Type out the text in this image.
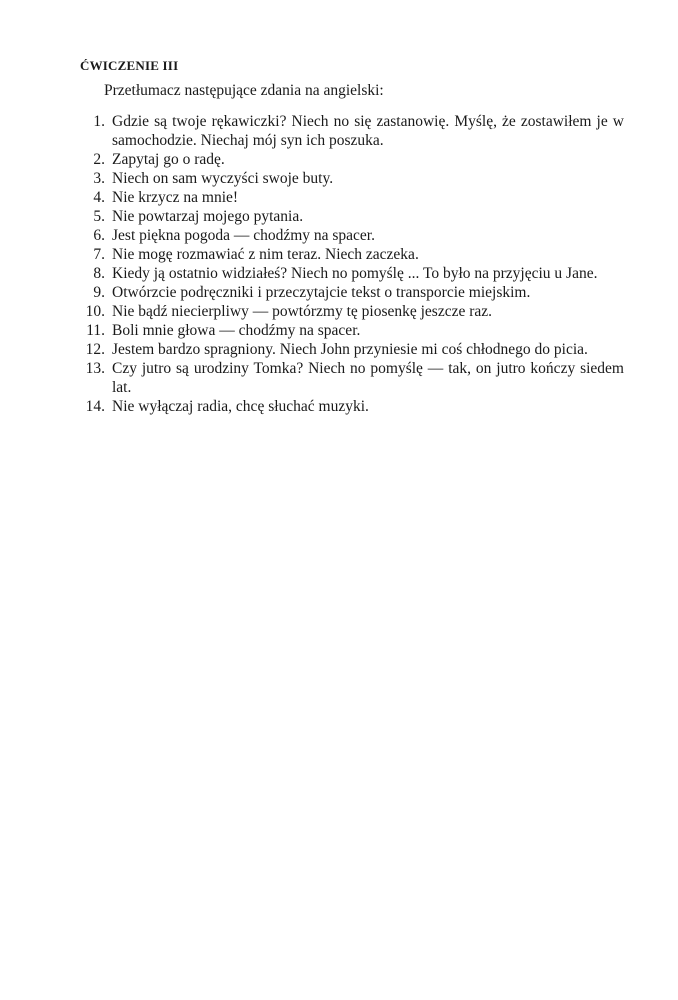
ĆWICZENIE III
Przetłumacz następujące zdania na angielski:
1. Gdzie są twoje rękawiczki? Niech no się zastanowię. Myślę, że zostawiłem je w samochodzie. Niechaj mój syn ich poszuka.
2. Zapytaj go o radę.
3. Niech on sam wyczyści swoje buty.
4. Nie krzycz na mnie!
5. Nie powtarzaj mojego pytania.
6. Jest piękna pogoda — chodźmy na spacer.
7. Nie mogę rozmawiać z nim teraz. Niech zaczeka.
8. Kiedy ją ostatnio widziałeś? Niech no pomyślę ... To było na przyjęciu u Jane.
9. Otwórzcie podręczniki i przeczytajcie tekst o transporcie miejskim.
10. Nie bądź niecierpliwy — powtórzmy tę piosenkę jeszcze raz.
11. Boli mnie głowa — chodźmy na spacer.
12. Jestem bardzo spragniony. Niech John przyniesie mi coś chłodnego do picia.
13. Czy jutro są urodziny Tomka? Niech no pomyślę — tak, on jutro kończy siedem lat.
14. Nie wyłączaj radia, chcę słuchać muzyki.
